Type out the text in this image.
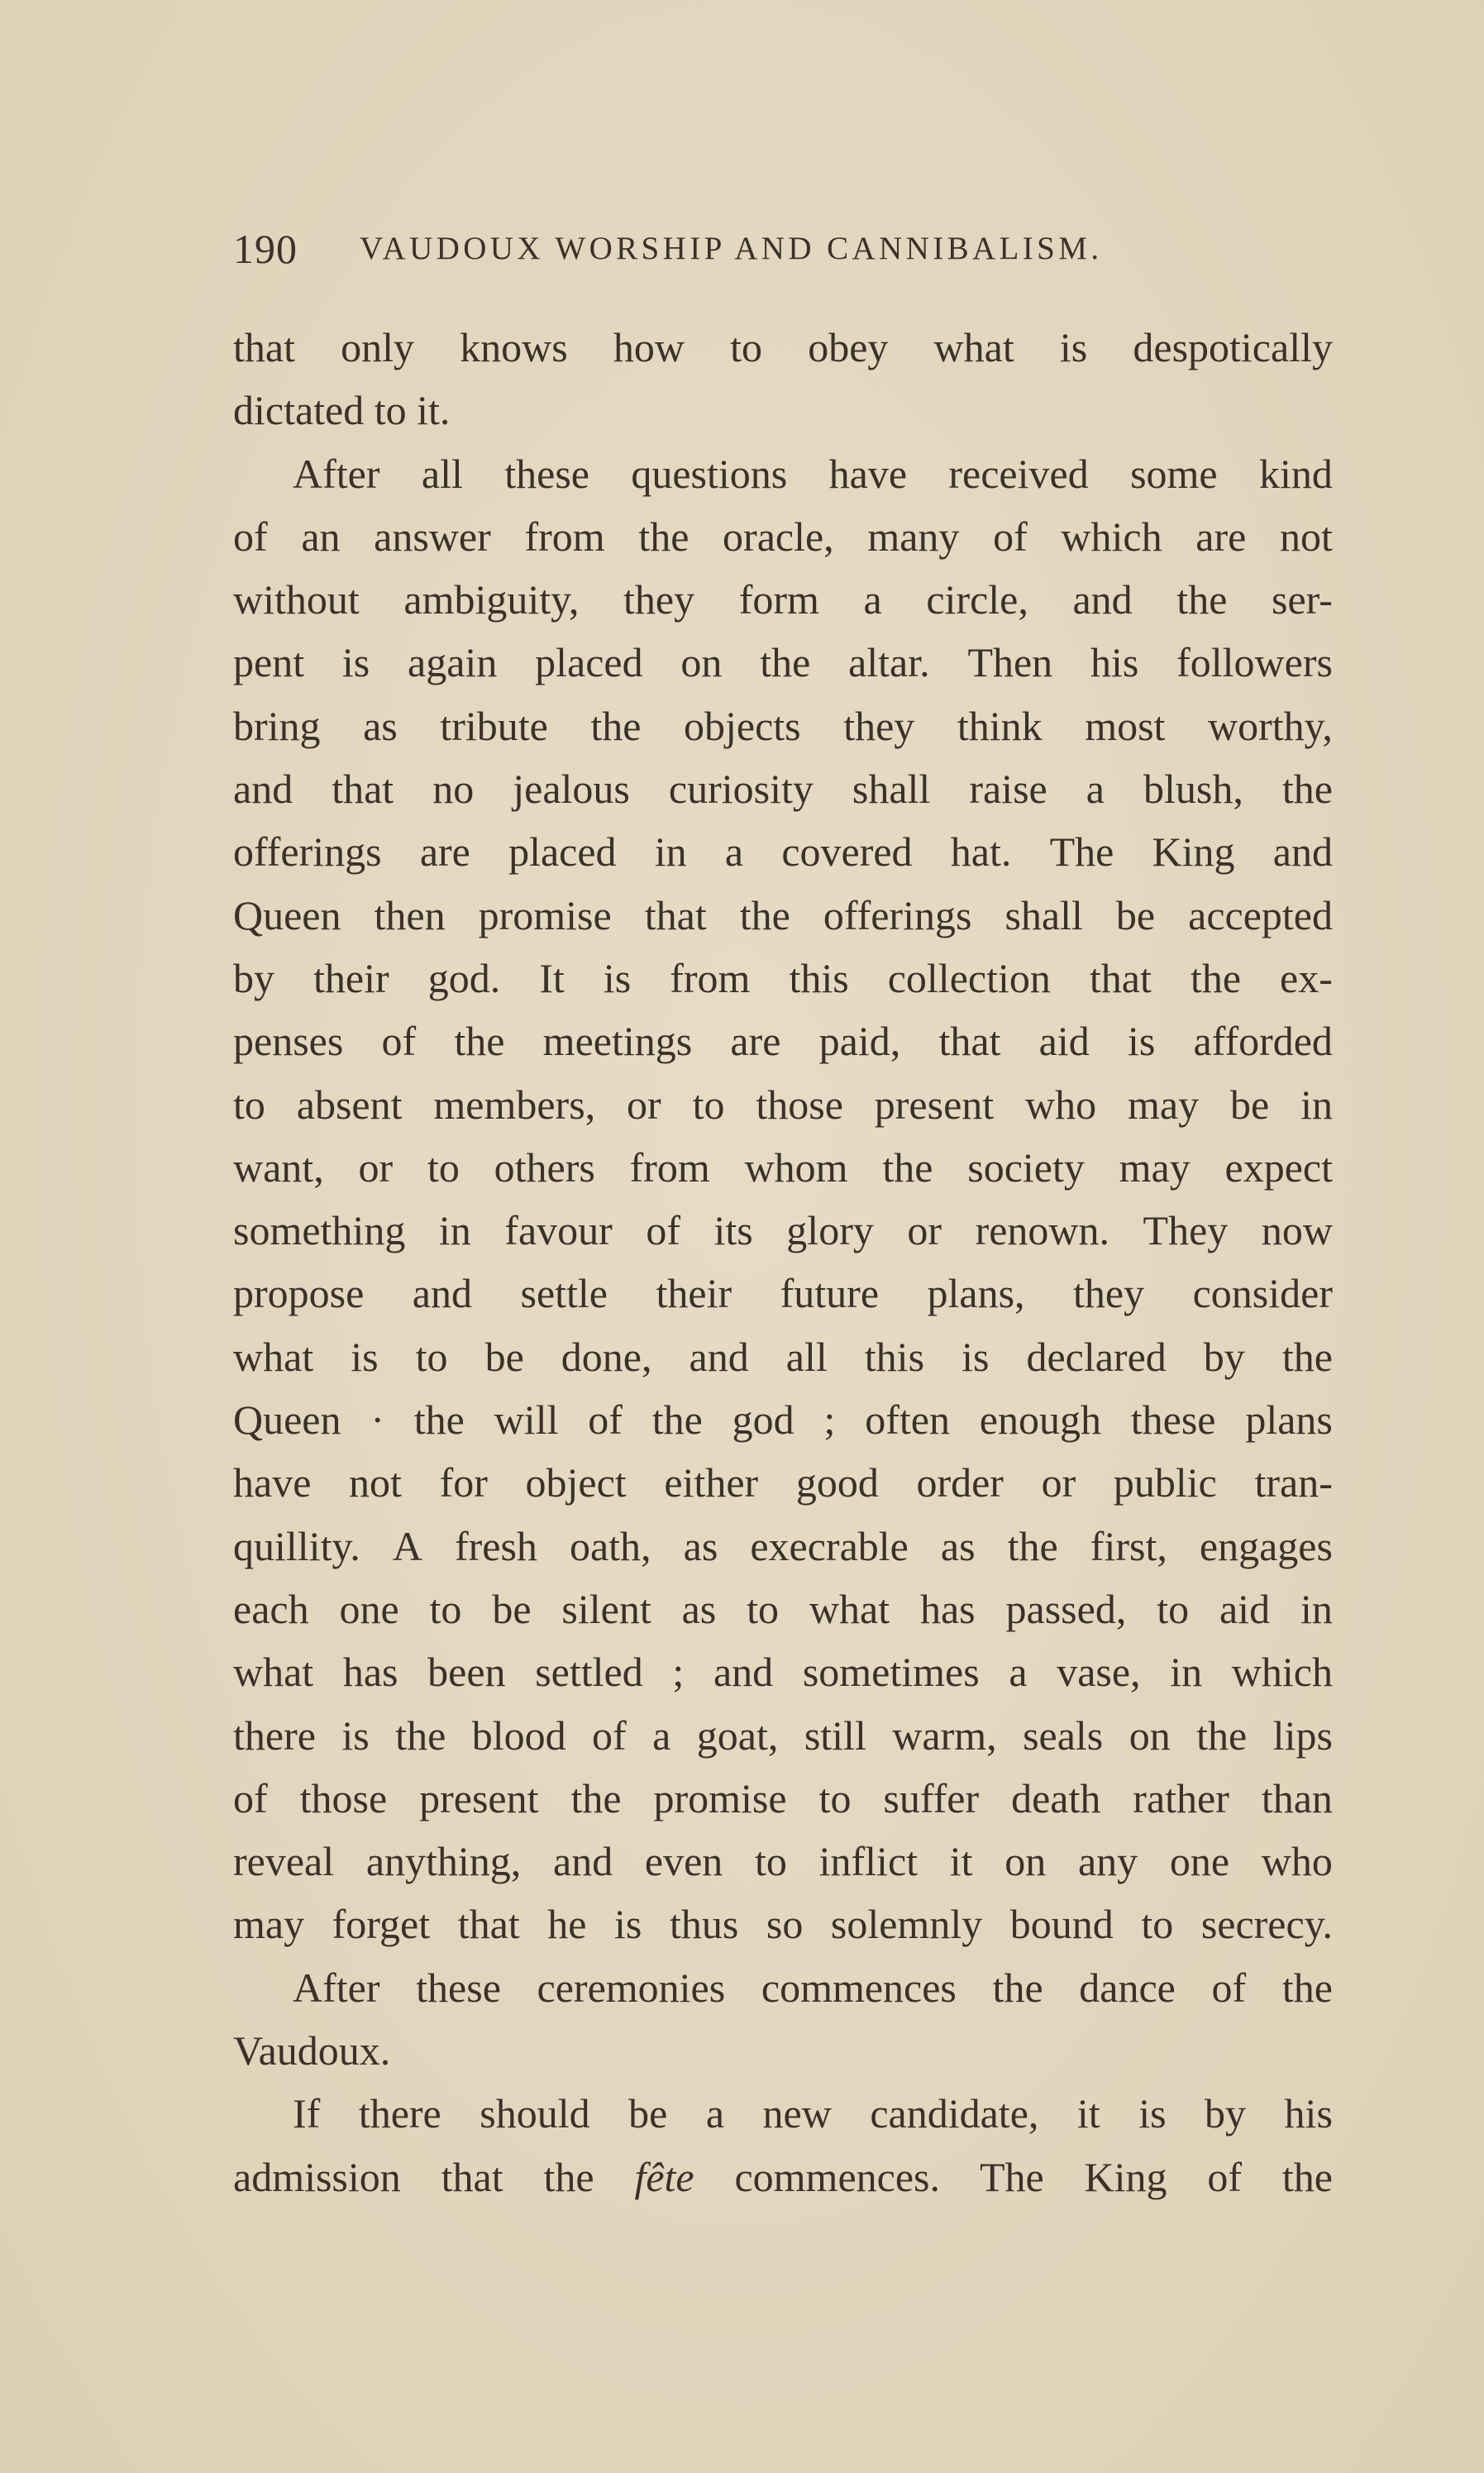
190 VAUDOUX WORSHIP AND CANNIBALISM.
that only knows how to obey what is despotically
dictated to it.
After all these questions have received some kind
of an answer from the oracle, many of which are not
without ambiguity, they form a circle, and the ser-
pent is again placed on the altar. Then his followers
bring as tribute the objects they think most worthy,
and that no jealous curiosity shall raise a blush, the
offerings are placed in a covered hat. The King and
Queen then promise that the offerings shall be accepted
by their god. It is from this collection that the ex-
penses of the meetings are paid, that aid is afforded
to absent members, or to those present who may be in
want, or to others from whom the society may expect
something in favour of its glory or renown. They now
propose and settle their future plans, they consider
what is to be done, and all this is declared by the
Queen · the will of the god ; often enough these plans
have not for object either good order or public tran-
quillity. A fresh oath, as execrable as the first, engages
each one to be silent as to what has passed, to aid in
what has been settled ; and sometimes a vase, in which
there is the blood of a goat, still warm, seals on the lips
of those present the promise to suffer death rather than
reveal anything, and even to inflict it on any one who
may forget that he is thus so solemnly bound to secrecy.
After these ceremonies commences the dance of the
Vaudoux.
If there should be a new candidate, it is by his
admission that the fête commences. The King of the
